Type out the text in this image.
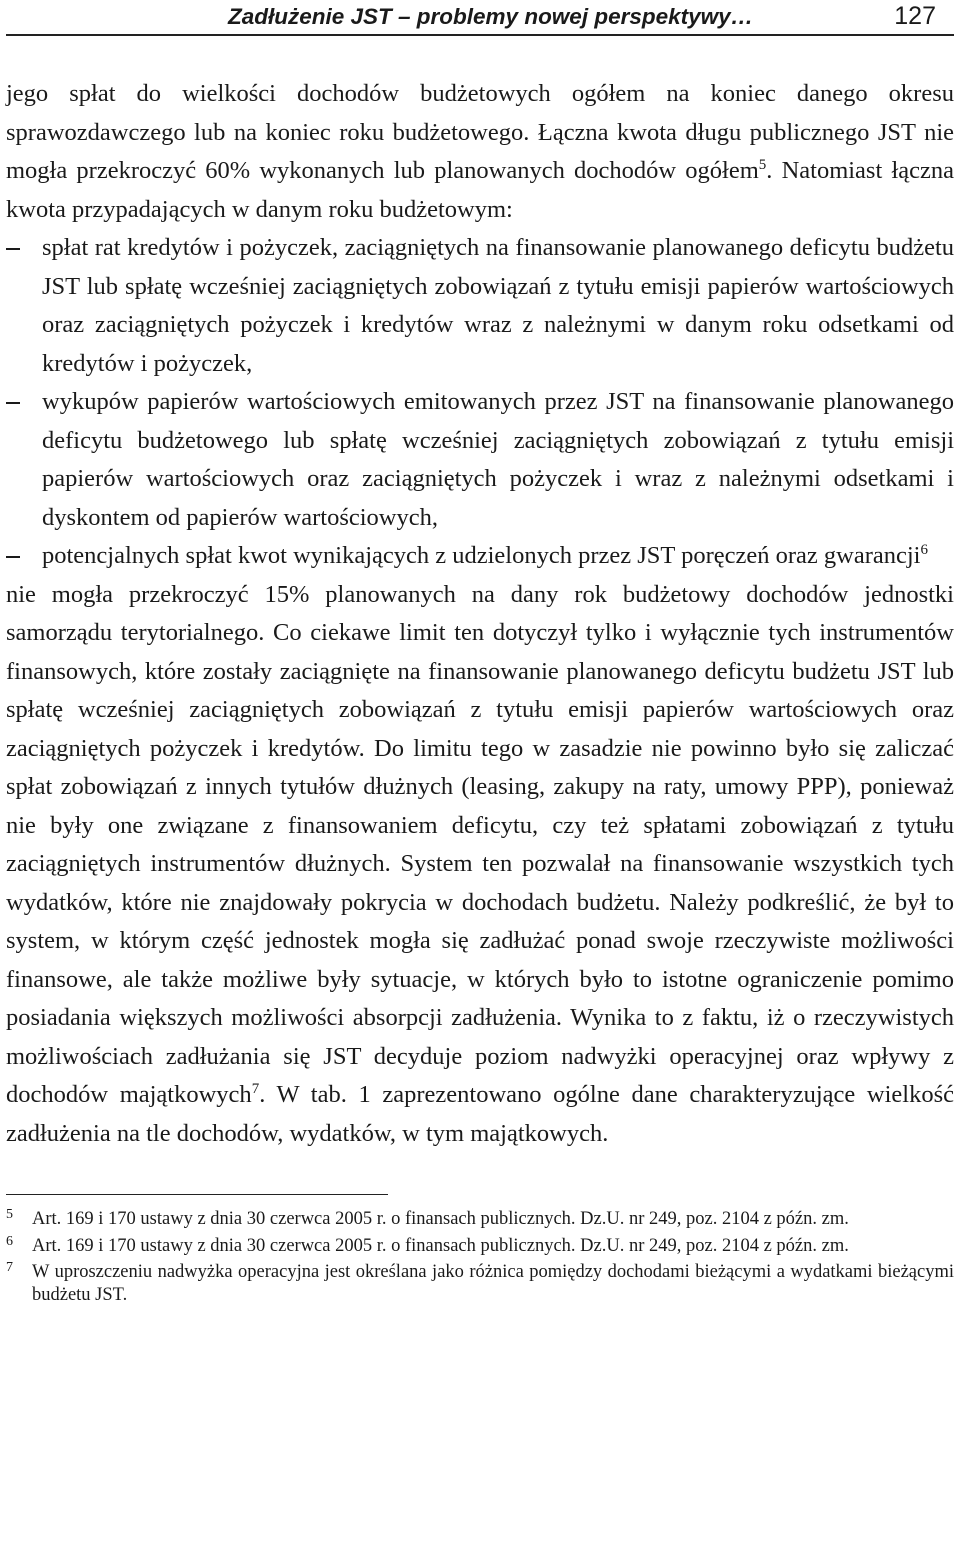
Zadłużenie JST – problemy nowej perspektywy…	127

jego spłat do wielkości dochodów budżetowych ogółem na koniec danego okresu sprawozdawczego lub na koniec roku budżetowego. Łączna kwota długu publicznego JST nie mogła przekroczyć 60% wykonanych lub planowanych dochodów ogółem$^5$. Natomiast łączna kwota przypadających w danym roku budżetowym:

spłat rat kredytów i pożyczek, zaciągniętych na finansowanie planowanego deficytu budżetu JST lub spłatę wcześniej zaciągniętych zobowiązań z tytułu emisji papierów wartościowych oraz zaciągniętych pożyczek i kredytów wraz z należnymi w danym roku odsetkami od kredytów i pożyczek,
wykupów papierów wartościowych emitowanych przez JST na finansowanie planowanego deficytu budżetowego lub spłatę wcześniej zaciągniętych zobowiązań z tytułu emisji papierów wartościowych oraz zaciągniętych pożyczek i wraz z należnymi odsetkami i dyskontem od papierów wartościowych,
potencjalnych spłat kwot wynikających z udzielonych przez JST poręczeń oraz gwarancji$^6$

nie mogła przekroczyć 15% planowanych na dany rok budżetowy dochodów jednostki samorządu terytorialnego. Co ciekawe limit ten dotyczył tylko i wyłącznie tych instrumentów finansowych, które zostały zaciągnięte na finansowanie planowanego deficytu budżetu JST lub spłatę wcześniej zaciągniętych zobowiązań z tytułu emisji papierów wartościowych oraz zaciągniętych pożyczek i kredytów. Do limitu tego w zasadzie nie powinno było się zaliczać spłat zobowiązań z innych tytułów dłużnych (leasing, zakupy na raty, umowy PPP), ponieważ nie były one związane z finansowaniem deficytu, czy też spłatami zobowiązań z tytułu zaciągniętych instrumentów dłużnych. System ten pozwalał na finansowanie wszystkich tych wydatków, które nie znajdowały pokrycia w dochodach budżetu. Należy podkreślić, że był to system, w którym część jednostek mogła się zadłużać ponad swoje rzeczywiste możliwości finansowe, ale także możliwe były sytuacje, w których było to istotne ograniczenie pomimo posiadania większych możliwości absorpcji zadłużenia. Wynika to z faktu, iż o rzeczywistych możliwościach zadłużania się JST decyduje poziom nadwyżki operacyjnej oraz wpływy z dochodów majątkowych$^7$. W tab. 1 zaprezentowano ogólne dane charakteryzujące wielkość zadłużenia na tle dochodów, wydatków, w tym majątkowych.

5	Art. 169 i 170 ustawy z dnia 30 czerwca 2005 r. o finansach publicznych. Dz.U. nr 249, poz. 2104 z późn. zm.
6	Art. 169 i 170 ustawy z dnia 30 czerwca 2005 r. o finansach publicznych. Dz.U. nr 249, poz. 2104 z późn. zm.
7	W uproszczeniu nadwyżka operacyjna jest określana jako różnica pomiędzy dochodami bieżącymi a wydatkami bieżącymi budżetu JST.
